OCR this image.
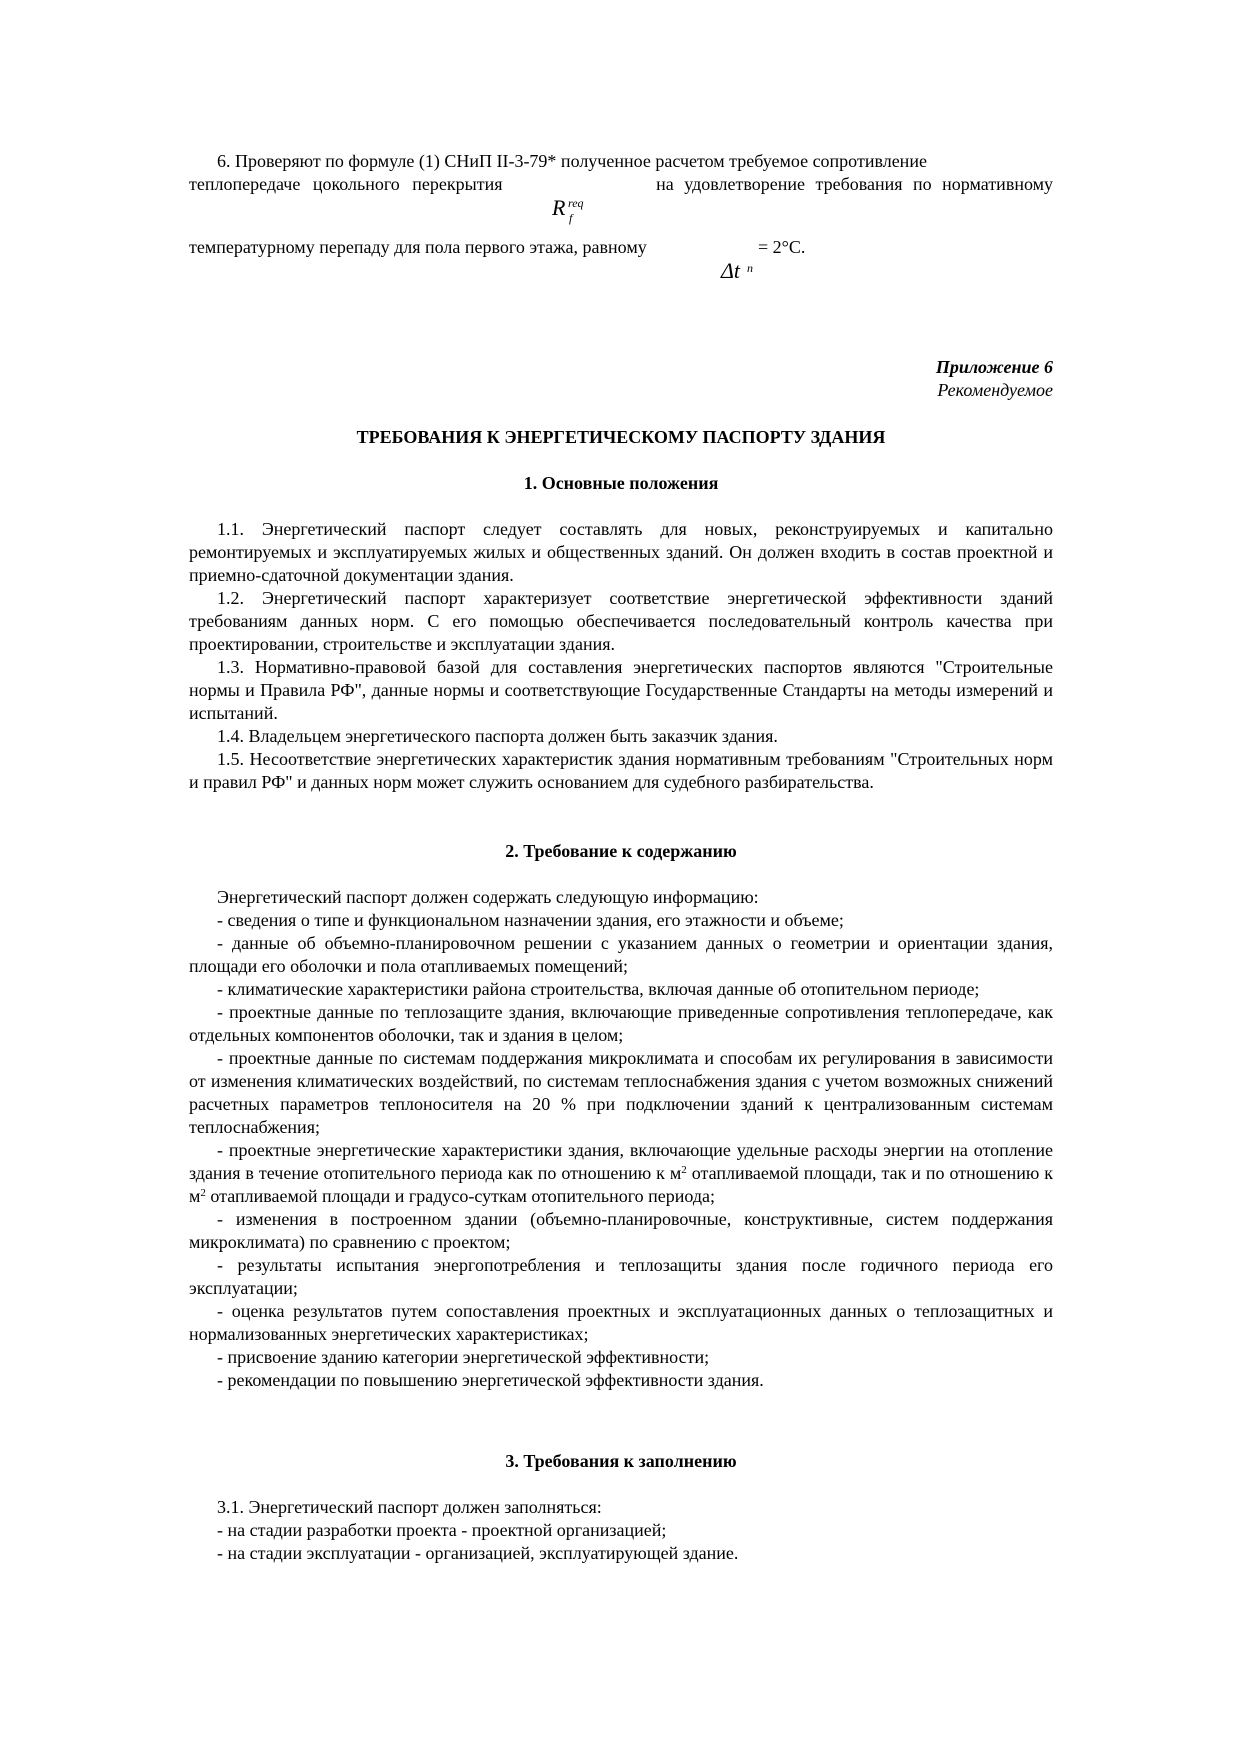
6. Проверяют по формуле (1) СНиП II-3-79* полученное расчетом требуемое сопротивление

теплопередаче цокольного перекрытия	на удовлетворение требования по нормативному
R req
f
температурному перепаду для пола первого этажа, равному	= 2°С.
Δt n

Приложение 6

Рекомендуемое

ТРЕБОВАНИЯ К ЭНЕРГЕТИЧЕСКОМУ ПАСПОРТУ ЗДАНИЯ

1. Основные положения

1.1. Энергетический паспорт следует составлять для новых, реконструируемых и капитально ремонтируемых и эксплуатируемых жилых и общественных зданий. Он должен входить в состав проектной и приемно-сдаточной документации здания.

1.2. Энергетический паспорт характеризует соответствие энергетической эффективности зданий требованиям данных норм. С его помощью обеспечивается последовательный контроль качества при проектировании, строительстве и эксплуатации здания.

1.3. Нормативно-правовой базой для составления энергетических паспортов являются "Строительные нормы и Правила РФ", данные нормы и соответствующие Государственные Стандарты на методы измерений и испытаний.

1.4. Владельцем энергетического паспорта должен быть заказчик здания.

1.5. Несоответствие энергетических характеристик здания нормативным требованиям "Строительных норм и правил РФ" и данных норм может служить основанием для судебного разбирательства.

2. Требование к содержанию

Энергетический паспорт должен содержать следующую информацию:

- сведения о типе и функциональном назначении здания, его этажности и объеме;

- данные об объемно-планировочном решении с указанием данных о геометрии и ориентации здания, площади его оболочки и пола отапливаемых помещений;

- климатические характеристики района строительства, включая данные об отопительном периоде;

- проектные данные по теплозащите здания, включающие приведенные сопротивления теплопередаче, как отдельных компонентов оболочки, так и здания в целом;

- проектные данные по системам поддержания микроклимата и способам их регулирования в зависимости от изменения климатических воздействий, по системам теплоснабжения здания с учетом возможных снижений расчетных параметров теплоносителя на 20 % при подключении зданий к централизованным системам теплоснабжения;

- проектные энергетические характеристики здания, включающие удельные расходы энергии на отопление здания в течение отопительного периода как по отношению к $м^2$ отапливаемой площади, так и по отношению к $м^2$ отапливаемой площади и градусо-суткам отопительного периода;

- изменения в построенном здании (объемно-планировочные, конструктивные, систем поддержания микроклимата) по сравнению с проектом;

- результаты испытания энергопотребления и теплозащиты здания после годичного периода его эксплуатации;

- оценка результатов путем сопоставления проектных и эксплуатационных данных о теплозащитных и нормализованных энергетических характеристиках;

- присвоение зданию категории энергетической эффективности;

- рекомендации по повышению энергетической эффективности здания.

3. Требования к заполнению

3.1. Энергетический паспорт должен заполняться:

- на стадии разработки проекта - проектной организацией;

- на стадии эксплуатации - организацией, эксплуатирующей здание.
